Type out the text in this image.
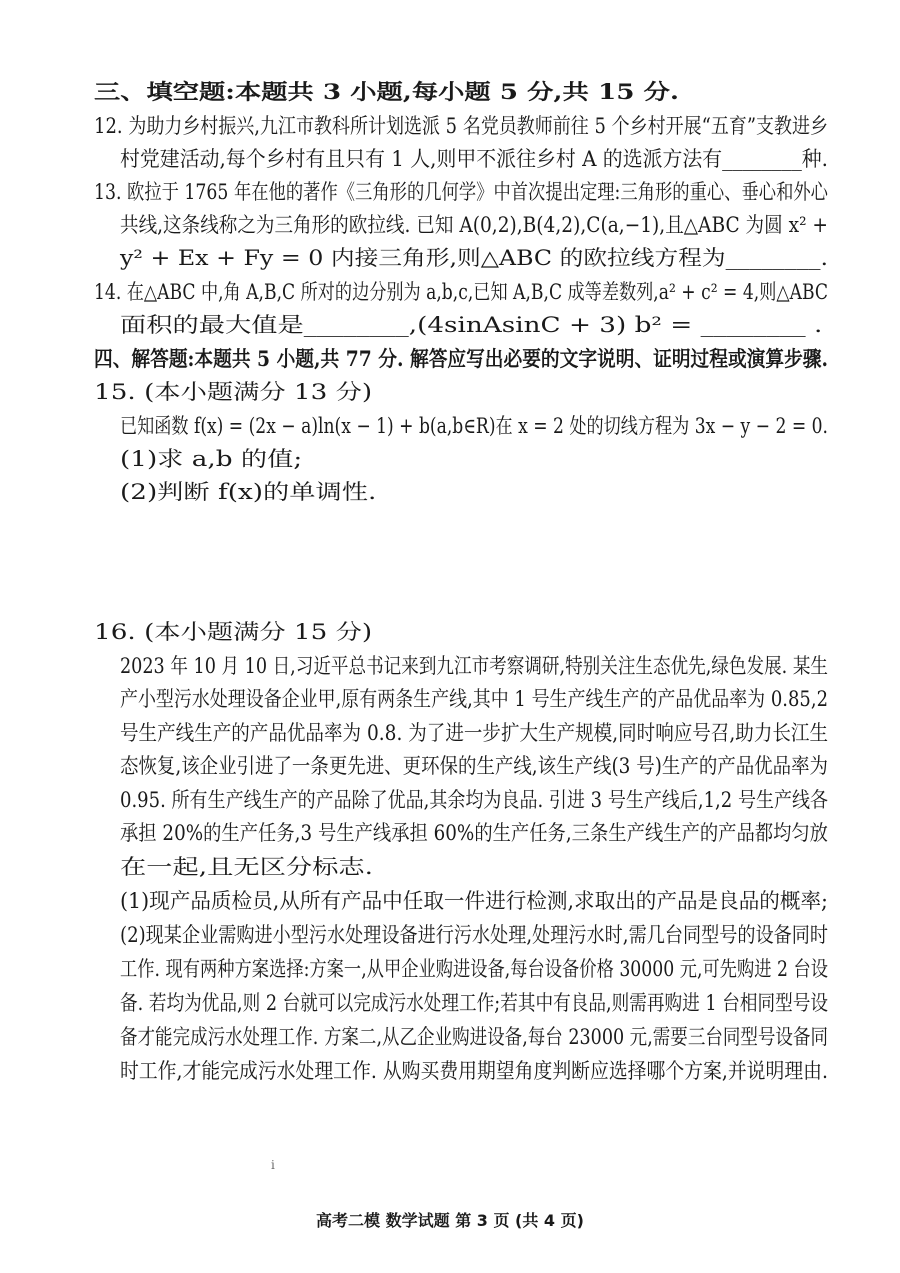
三、填空题:本题共 3 小题,每小题 5 分,共 15 分.
12. 为助力乡村振兴,九江市教科所计划选派 5 名党员教师前往 5 个乡村开展“五育”支教进乡
村党建活动,每个乡村有且只有 1 人,则甲不派往乡村 A 的选派方法有________种.
13. 欧拉于 1765 年在他的著作《三角形的几何学》中首次提出定理:三角形的重心、垂心和外心
共线,这条线称之为三角形的欧拉线. 已知 A(0,2),B(4,2),C(a,−1),且△ABC 为圆 x² +
y² + Ex + Fy = 0 内接三角形,则△ABC 的欧拉线方程为________.
14. 在△ABC 中,角 A,B,C 所对的边分别为 a,b,c,已知 A,B,C 成等差数列,a² + c² = 4,则△ABC
面积的最大值是________,(4sinAsinC + 3) b² = ________ .
四、解答题:本题共 5 小题,共 77 分. 解答应写出必要的文字说明、证明过程或演算步骤.
15. (本小题满分 13 分)
已知函数 f(x) = (2x − a)ln(x − 1) + b(a,b∈R)在 x = 2 处的切线方程为 3x − y − 2 = 0.
(1)求 a,b 的值;
(2)判断 f(x)的单调性.
16. (本小题满分 15 分)
2023 年 10 月 10 日,习近平总书记来到九江市考察调研,特别关注生态优先,绿色发展. 某生
产小型污水处理设备企业甲,原有两条生产线,其中 1 号生产线生产的产品优品率为 0.85,2
号生产线生产的产品优品率为 0.8. 为了进一步扩大生产规模,同时响应号召,助力长江生
态恢复,该企业引进了一条更先进、更环保的生产线,该生产线(3 号)生产的产品优品率为
0.95. 所有生产线生产的产品除了优品,其余均为良品. 引进 3 号生产线后,1,2 号生产线各
承担 20%的生产任务,3 号生产线承担 60%的生产任务,三条生产线生产的产品都均匀放
在一起,且无区分标志.
(1)现产品质检员,从所有产品中任取一件进行检测,求取出的产品是良品的概率;
(2)现某企业需购进小型污水处理设备进行污水处理,处理污水时,需几台同型号的设备同时
工作. 现有两种方案选择:方案一,从甲企业购进设备,每台设备价格 30000 元,可先购进 2 台设
备. 若均为优品,则 2 台就可以完成污水处理工作;若其中有良品,则需再购进 1 台相同型号设
备才能完成污水处理工作. 方案二,从乙企业购进设备,每台 23000 元,需要三台同型号设备同
时工作,才能完成污水处理工作. 从购买费用期望角度判断应选择哪个方案,并说明理由.
ⅰ
高考二模 数学试题 第 3 页 (共 4 页)
